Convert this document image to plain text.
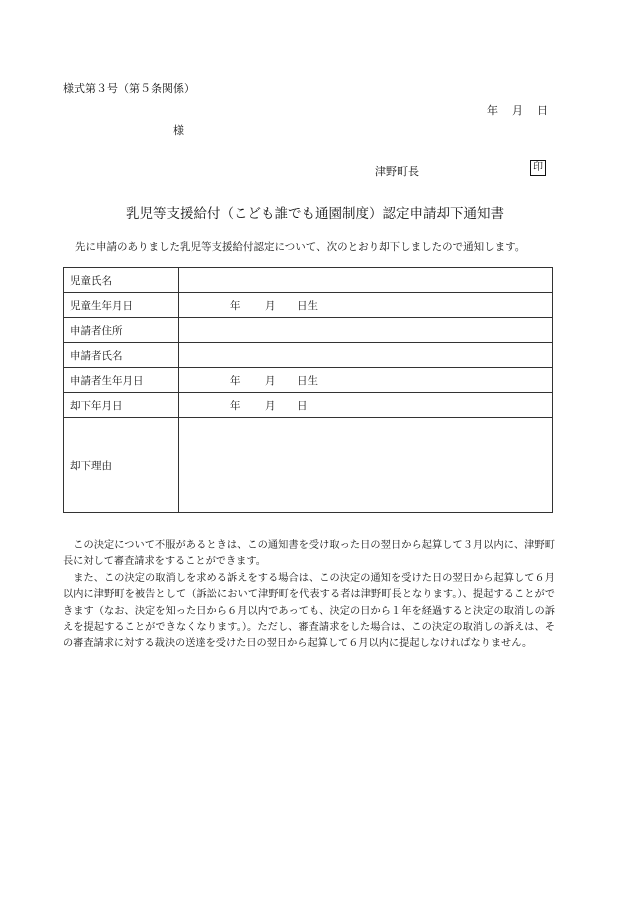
様式第３号（第５条関係）
年 月 日
様
津野町長	印
乳児等支援給付（こども誰でも通園制度）認定申請却下通知書
先に申請のありました乳児等支援給付認定について、次のとおり却下しましたので通知します。
児童氏名	
児童生年月日	年 月 日生
申請者住所	
申請者氏名	
申請者生年月日	年 月 日生
却下年月日	年 月 日
却下理由	

この決定について不服があるときは、この通知書を受け取った日の翌日から起算して３月以内に、津野町長に対して審査請求をすることができます。

また、この決定の取消しを求める訴えをする場合は、この決定の通知を受けた日の翌日から起算して６月以内に津野町を被告として（訴訟において津野町を代表する者は津野町長となります。）、提起することができます（なお、決定を知った日から６月以内であっても、決定の日から１年を経過すると決定の取消しの訴えを提起することができなくなります。）。ただし、審査請求をした場合は、この決定の取消しの訴えは、その審査請求に対する裁決の送達を受けた日の翌日から起算して６月以内に提起しなければなりません。
